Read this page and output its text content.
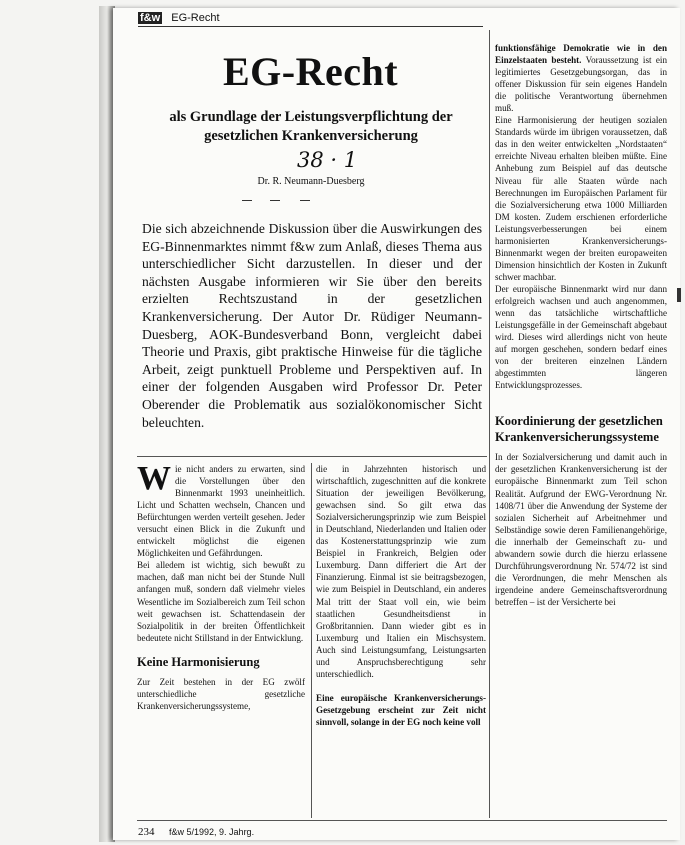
f&w EG-Recht
EG-Recht
als Grundlage der Leistungsverpflichtung der gesetzlichen Krankenversicherung
38 · 1
Dr. R. Neumann-Duesberg

Die sich abzeichnende Diskussion über die Auswirkungen des EG-Binnenmarktes nimmt f&w zum Anlaß, dieses Thema aus unterschiedlicher Sicht darzustellen. In dieser und der nächsten Ausgabe informieren wir Sie über den bereits erzielten Rechtszustand in der gesetzlichen Krankenversicherung. Der Autor Dr. Rüdiger Neumann-Duesberg, AOK-Bundesverband Bonn, vergleicht dabei Theorie und Praxis, gibt praktische Hinweise für die tägliche Arbeit, zeigt punktuell Probleme und Perspektiven auf. In einer der folgenden Ausgaben wird Professor Dr. Peter Oberender die Problematik aus sozialökonomischer Sicht beleuchten.

Wie nicht anders zu erwarten, sind die Vorstellungen über den Binnenmarkt 1993 uneinheitlich. Licht und Schatten wechseln, Chancen und Befürchtungen werden verteilt gesehen. Jeder versucht einen Blick in die Zukunft und entwickelt möglichst die eigenen Möglichkeiten und Gefährdungen.

Bei alledem ist wichtig, sich bewußt zu machen, daß man nicht bei der Stunde Null anfangen muß, sondern daß vielmehr vieles Wesentliche im Sozialbereich zum Teil schon weit gewachsen ist. Schattendasein der Sozialpolitik in der breiten Öffentlichkeit bedeutete nicht Stillstand in der Entwicklung.

Keine Harmonisierung

Zur Zeit bestehen in der EG zwölf unterschiedliche gesetzliche Krankenversicherungssysteme,

die in Jahrzehnten historisch und wirtschaftlich, zugeschnitten auf die konkrete Situation der jeweiligen Bevölkerung, gewachsen sind. So gilt etwa das Sozialversicherungsprinzip wie zum Beispiel in Deutschland, Niederlanden und Italien oder das Kostenerstattungsprinzip wie zum Beispiel in Frankreich, Belgien oder Luxemburg. Dann differiert die Art der Finanzierung. Einmal ist sie beitragsbezogen, wie zum Beispiel in Deutschland, ein anderes Mal tritt der Staat voll ein, wie beim staatlichen Gesundheitsdienst in Großbritannien. Dann wieder gibt es in Luxemburg und Italien ein Mischsystem. Auch sind Leistungsumfang, Leistungsarten und Anspruchsberechtigung sehr unterschiedlich.

Eine europäische Krankenversicherungs-Gesetzgebung erscheint zur Zeit nicht sinnvoll, solange in der EG noch keine voll

funktionsfähige Demokratie wie in den Einzelstaaten besteht. Voraussetzung ist ein legitimiertes Gesetzgebungsorgan, das in offener Diskussion für sein eigenes Handeln die politische Verantwortung übernehmen muß.

Eine Harmonisierung der heutigen sozialen Standards würde im übrigen voraussetzen, daß das in den weiter entwickelten „Nordstaaten“ erreichte Niveau erhalten bleiben müßte. Eine Anhebung zum Beispiel auf das deutsche Niveau für alle Staaten würde nach Berechnungen im Europäischen Parlament für die Sozialversicherung etwa 1000 Milliarden DM kosten. Zudem erschienen erforderliche Leistungsverbesserungen bei einem harmonisierten Krankenversicherungs-Binnenmarkt wegen der breiten europaweiten Dimension hinsichtlich der Kosten in Zukunft schwer machbar.

Der europäische Binnenmarkt wird nur dann erfolgreich wachsen und auch angenommen, wenn das tatsächliche wirtschaftliche Leistungsgefälle in der Gemeinschaft abgebaut wird. Dieses wird allerdings nicht von heute auf morgen geschehen, sondern bedarf eines von der breiteren einzelnen Ländern abgestimmten längeren Entwicklungsprozesses.

Koordinierung der gesetzlichen Krankenversicherungssysteme

In der Sozialversicherung und damit auch in der gesetzlichen Krankenversicherung ist der europäische Binnenmarkt zum Teil schon Realität. Aufgrund der EWG-Verordnung Nr. 1408/71 über die Anwendung der Systeme der sozialen Sicherheit auf Arbeitnehmer und Selbständige sowie deren Familienangehörige, die innerhalb der Gemeinschaft zu- und abwandern sowie durch die hierzu erlassene Durchführungsverordnung Nr. 574/72 ist sind die Verordnungen, die mehr Menschen als irgendeine andere Gemeinschaftsverordnung betreffen – ist der Versicherte bei

234 f&w 5/1992, 9. Jahrg.
